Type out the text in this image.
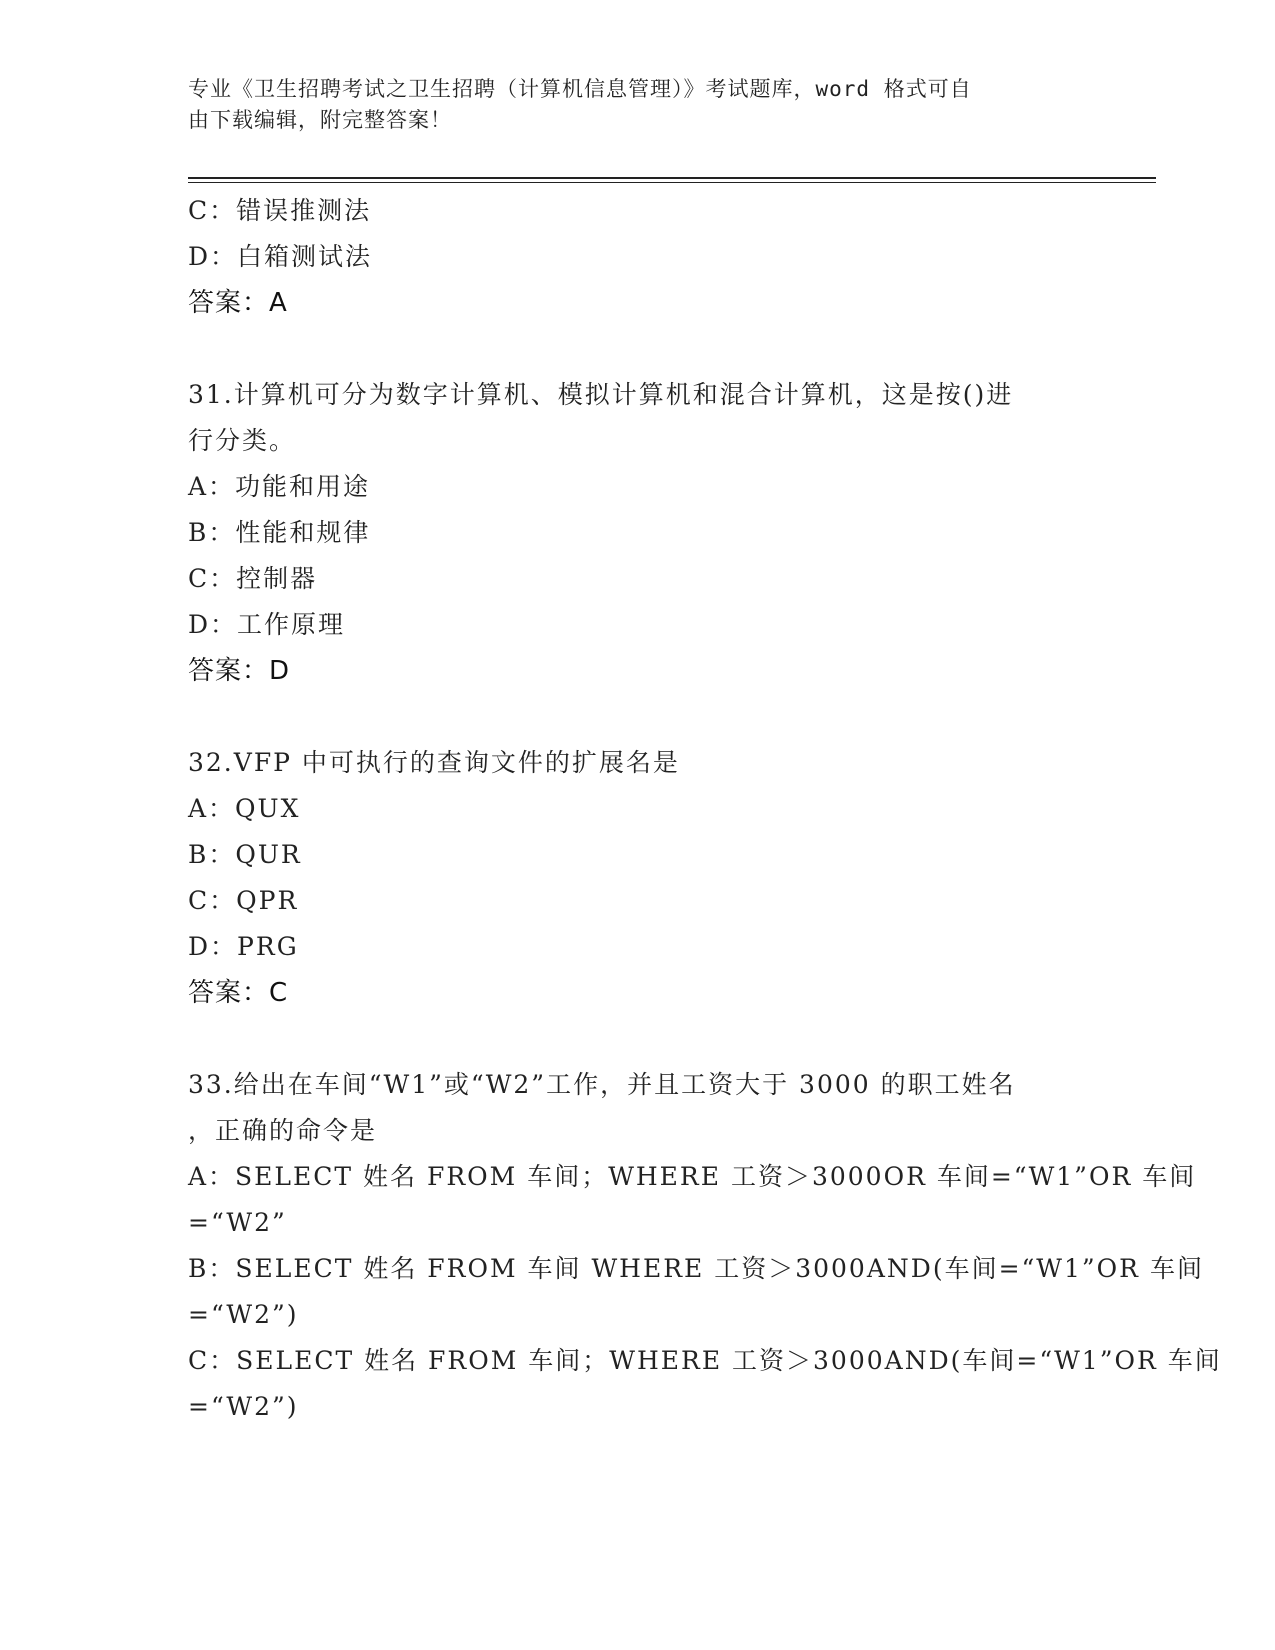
专业《卫生招聘考试之卫生招聘（计算机信息管理）》考试题库，word 格式可自
由下载编辑，附完整答案！
C：错误推测法
D：白箱测试法
答案：A
31.计算机可分为数字计算机、模拟计算机和混合计算机，这是按()进
行分类。
A：功能和用途
B：性能和规律
C：控制器
D：工作原理
答案：D
32.VFP 中可执行的查询文件的扩展名是
A：QUX
B：QUR
C：QPR
D：PRG
答案：C
33.给出在车间“W1”或“W2”工作，并且工资大于 3000 的职工姓名
，正确的命令是
A：SELECT 姓名 FROM 车间；WHERE 工资＞3000OR 车间=“W1”OR 车间
=“W2”
B：SELECT 姓名 FROM 车间 WHERE 工资＞3000AND(车间=“W1”OR 车间
=“W2”)
C：SELECT 姓名 FROM 车间；WHERE 工资＞3000AND(车间=“W1”OR 车间
=“W2”)
